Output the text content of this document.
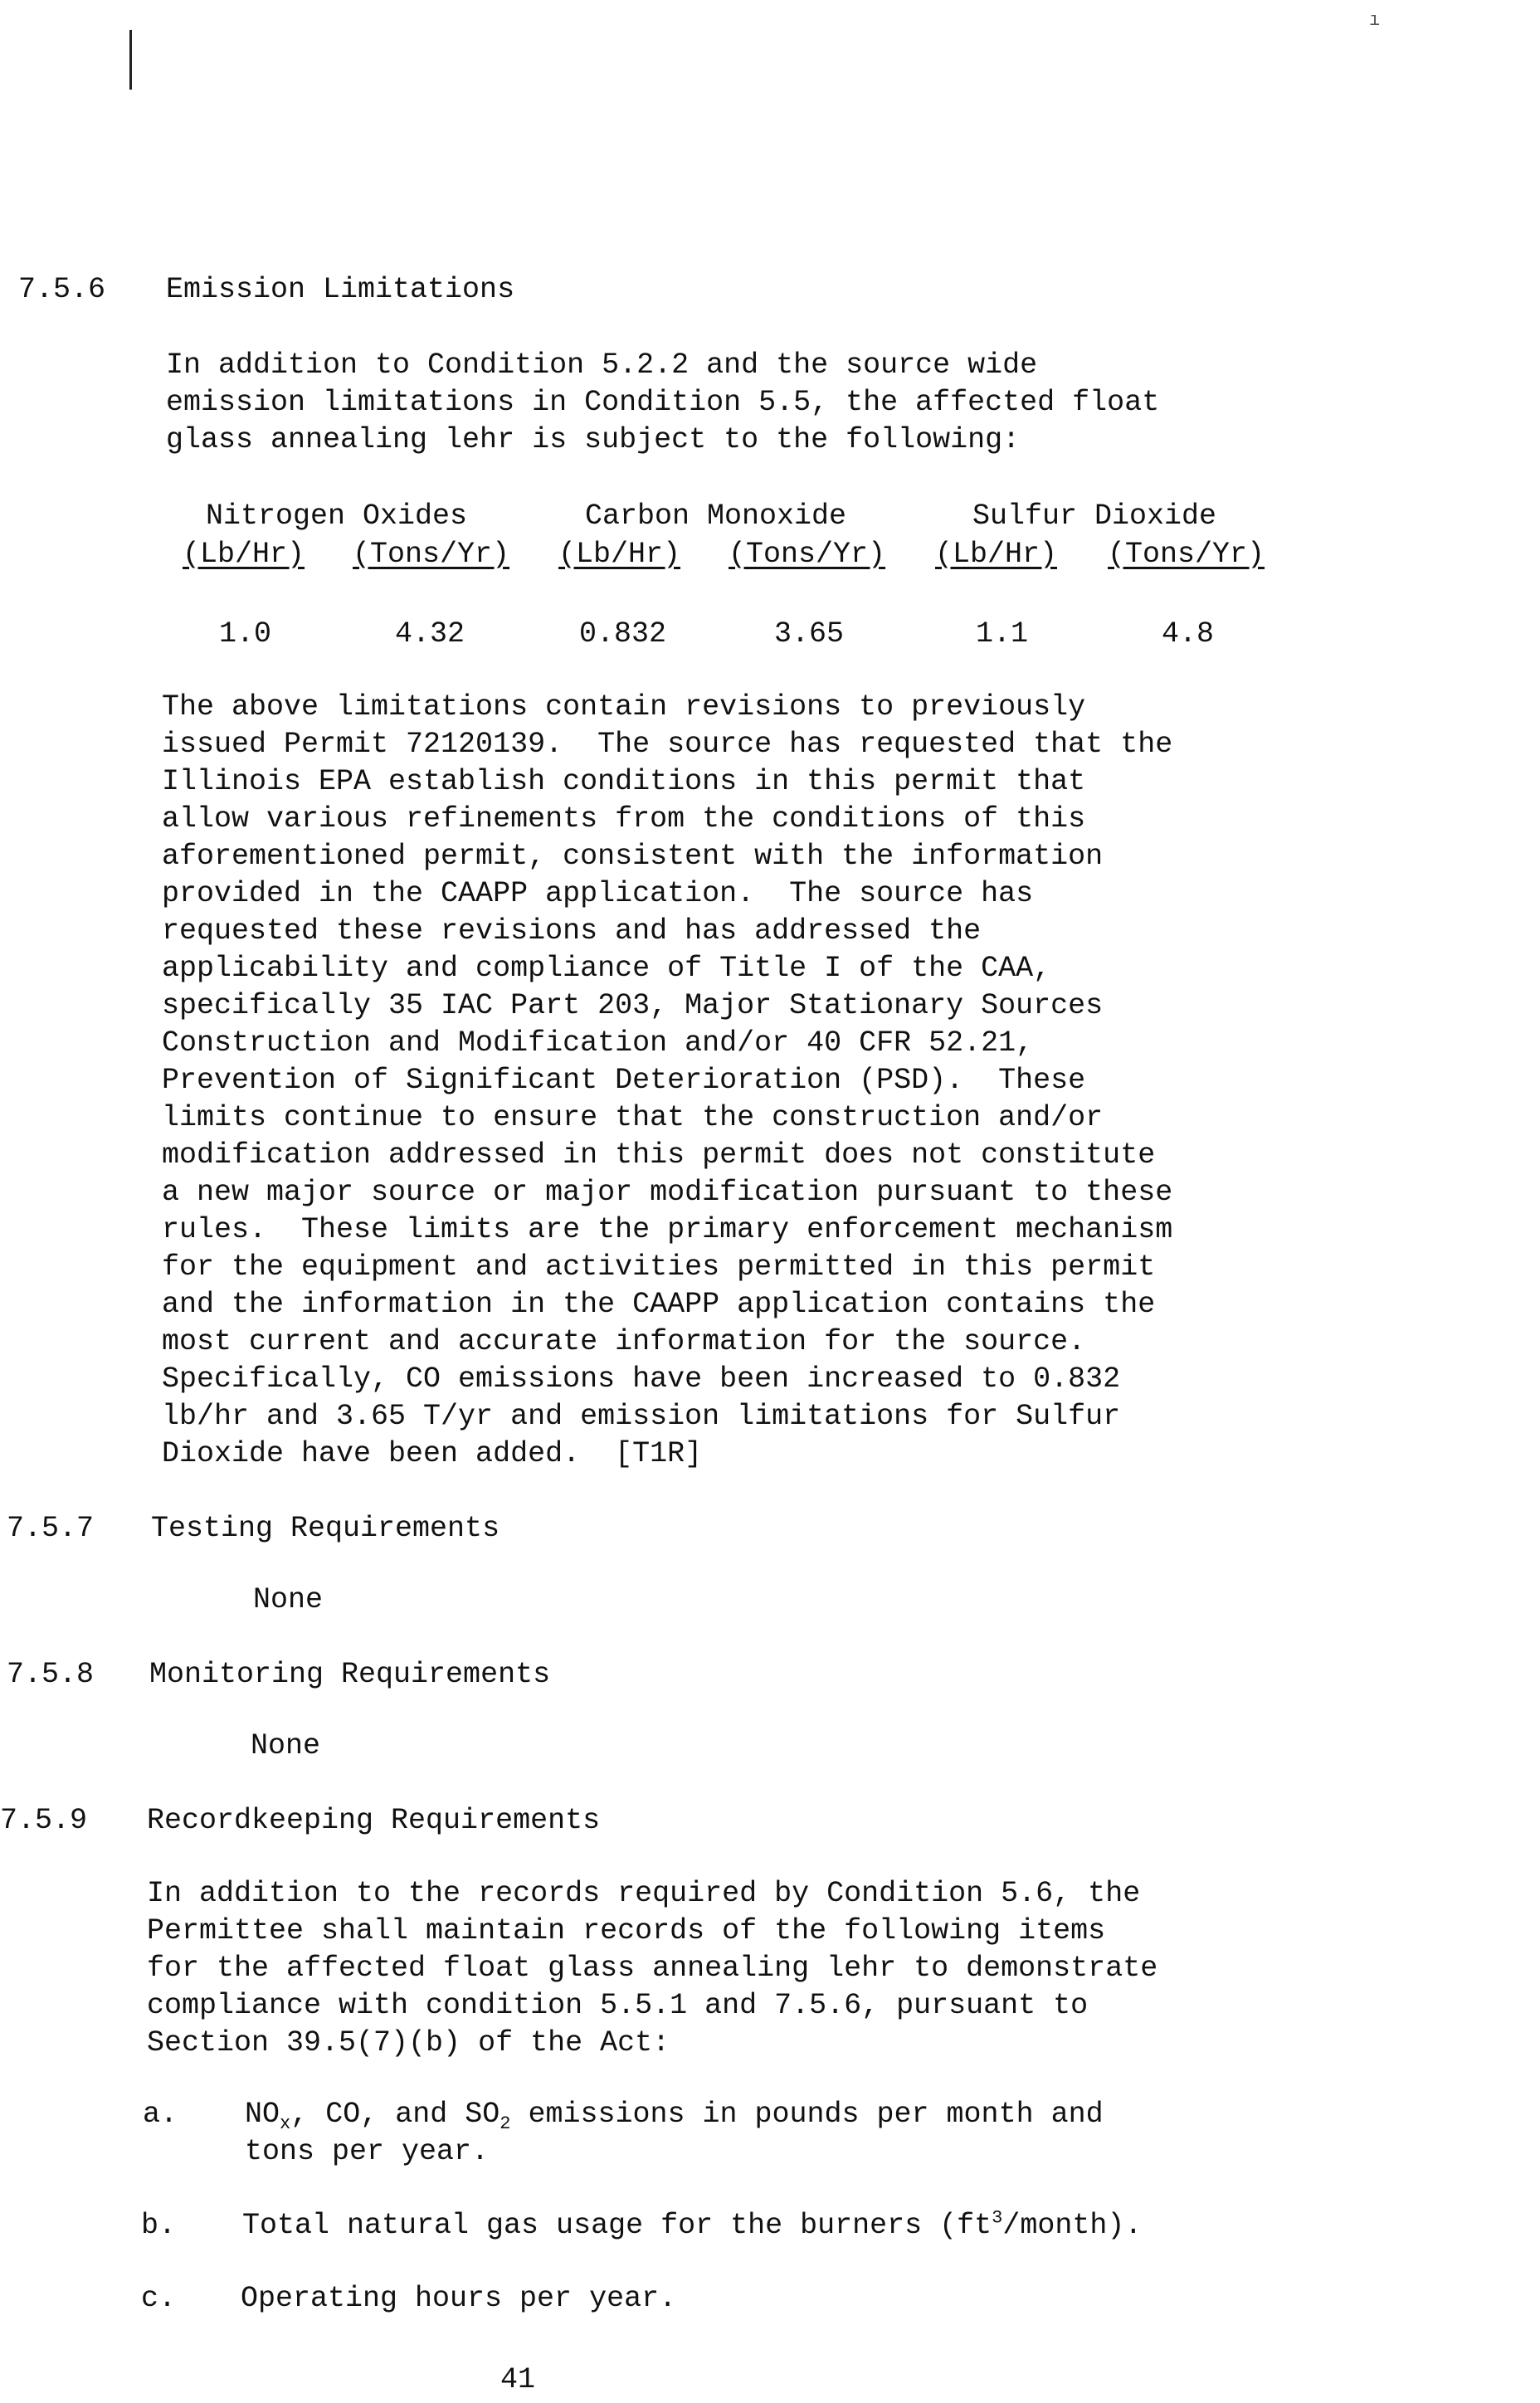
ı
7.5.6 Emission Limitations
In addition to Condition 5.2.2 and the source wide
emission limitations in Condition 5.5, the affected float
glass annealing lehr is subject to the following:
Nitrogen Oxides	Carbon Monoxide	Sulfur Dioxide
(Lb/Hr) (Tons/Yr) (Lb/Hr) (Tons/Yr) (Lb/Hr) (Tons/Yr)
1.0	4.32	0.832	3.65	1.1	4.8
The above limitations contain revisions to previously
issued Permit 72120139.  The source has requested that the
Illinois EPA establish conditions in this permit that
allow various refinements from the conditions of this
aforementioned permit, consistent with the information
provided in the CAAPP application.  The source has
requested these revisions and has addressed the
applicability and compliance of Title I of the CAA,
specifically 35 IAC Part 203, Major Stationary Sources
Construction and Modification and/or 40 CFR 52.21,
Prevention of Significant Deterioration (PSD).  These
limits continue to ensure that the construction and/or
modification addressed in this permit does not constitute
a new major source or major modification pursuant to these
rules.  These limits are the primary enforcement mechanism
for the equipment and activities permitted in this permit
and the information in the CAAPP application contains the
most current and accurate information for the source.
Specifically, CO emissions have been increased to 0.832
lb/hr and 3.65 T/yr and emission limitations for Sulfur
Dioxide have been added.  [T1R]
7.5.7 Testing Requirements
None
7.5.8 Monitoring Requirements
None
7.5.9 Recordkeeping Requirements
In addition to the records required by Condition 5.6, the
Permittee shall maintain records of the following items
for the affected float glass annealing lehr to demonstrate
compliance with condition 5.5.1 and 7.5.6, pursuant to
Section 39.5(7)(b) of the Act:
a. $NO_x$, CO, and $SO_2$ emissions in pounds per month and
tons per year.
b. Total natural gas usage for the burners $(ft^3/month)$.
c. Operating hours per year.
41
